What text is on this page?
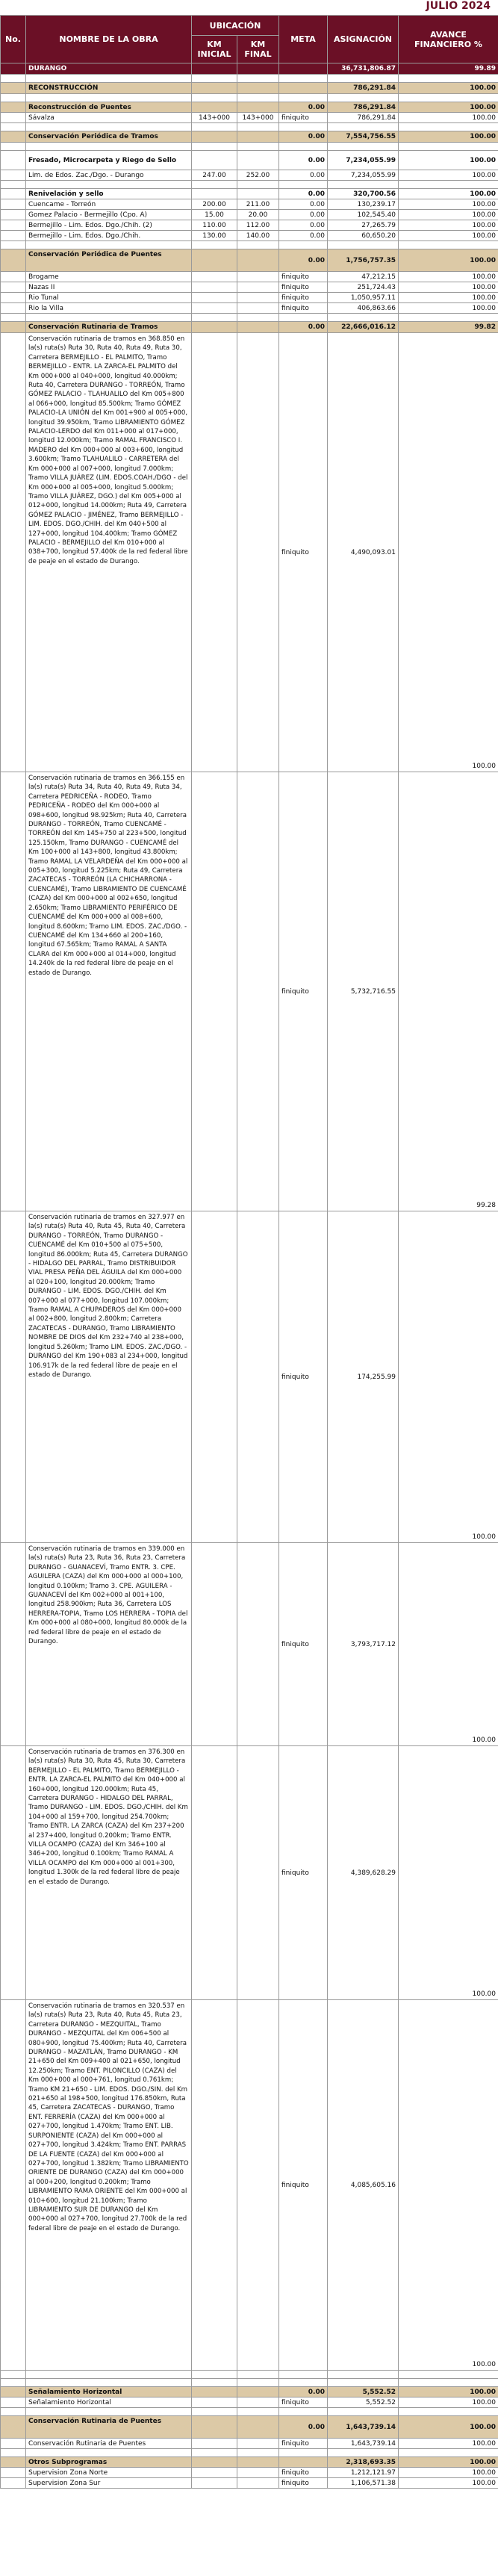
JULIO 2024
No.	NOMBRE DE LA OBRA	UBICACIÓN		META	ASIGNACIÓN	AVANCE FINANCIERO %
		KM INICIAL	KM FINAL			
	DURANGO				36,731,806.87	99.89

	RECONSTRUCCIÓN				786,291.84	100.00

	Reconstrucción de Puentes			0.00	786,291.84	100.00
	Sávalza	143+000	143+000	finiquito	786,291.84	100.00

	Conservación Periódica de Tramos			0.00	7,554,756.55	100.00

	Fresado, Microcarpeta y Riego de Sello			0.00	7,234,055.99	100.00
	Lim. de Edos. Zac./Dgo. - Durango	247.00	252.00	0.00	7,234,055.99	100.00

	Renivelación y sello			0.00	320,700.56	100.00
	Cuencame - Torreón	200.00	211.00	0.00	130,239.17	100.00
	Gomez Palacio - Bermejillo (Cpo. A)	15.00	20.00	0.00	102,545.40	100.00
	Bermejillo - Lim. Edos. Dgo./Chih. (2)	110.00	112.00	0.00	27,265.79	100.00
	Bermejillo - Lim. Edos. Dgo./Chih.	130.00	140.00	0.00	60,650.20	100.00

	Conservación Periódica de Puentes			0.00	1,756,757.35	100.00
	Brogame			finiquito	47,212.15	100.00
	Nazas II			finiquito	251,724.43	100.00
	Rio Tunal			finiquito	1,050,957.11	100.00
	Rio la Villa			finiquito	406,863.66	100.00

	Conservación Rutinaria de Tramos			0.00	22,666,016.12	99.82
	Conservación rutinaria de tramos en 368.850 en la(s) ruta(s) Ruta 30, Ruta 40, Ruta 49, Ruta 30, Carretera BERMEJILLO - EL PALMITO, Tramo BERMEJILLO - ENTR. LA ZARCA-EL PALMITO del Km 000+000 al 040+000, longitud 40.000km; Ruta 40, Carretera DURANGO - TORREÓN, Tramo GÓMEZ PALACIO - TLAHUALILO del Km 005+800 al 066+000, longitud 85.500km; Tramo GÓMEZ PALACIO-LA UNIÓN del Km 001+900 al 005+000, longitud 39.950km, Tramo LIBRAMIENTO GÓMEZ PALACIO-LERDO del Km 011+000 al 017+000, longitud 12.000km; Tramo RAMAL FRANCISCO I. MADERO del Km 000+000 al 003+600, longitud 3.600km; Tramo TLAHUALILO - CARRETERA del Km 000+000 al 007+000, longitud 7.000km; Tramo VILLA JUÁREZ (LIM. EDOS.COAH./DGO - del Km 000+000 al 005+000, longitud 5.000km; Tramo VILLA JUÁREZ, DGO.) del Km 005+000 al 012+000, longitud 14.000km; Ruta 49, Carretera GÓMEZ PALACIO - JIMÉNEZ, Tramo BERMEJILLO - LIM. EDOS. DGO./CHIH. del Km 040+500 al 127+000, longitud 104.400km; Tramo GÓMEZ PALACIO - BERMEJILLO del Km 010+000 al 038+700, longitud 57.400k de la red federal libre de peaje en el estado de Durango.			finiquito	4,490,093.01	100.00
	Conservación rutinaria de tramos en 366.155 en la(s) ruta(s) Ruta 34, Ruta 40, Ruta 49, Ruta 34, Carretera PEDRICEÑA - RODEO, Tramo PEDRICEÑA - RODEO del Km 000+000 al 098+600, longitud 98.925km; Ruta 40, Carretera DURANGO - TORREÓN, Tramo CUENCAMÉ - TORREÓN del Km 145+750 al 223+500, longitud 125.150km, Tramo DURANGO - CUENCAMÉ del Km 100+000 al 143+800, longitud 43.800km; Tramo RAMAL LA VELARDEÑA del Km 000+000 al 005+300, longitud 5.225km; Ruta 49, Carretera ZACATECAS - TORREÓN (LA CHICHARRONA - CUENCAMÉ), Tramo LIBRAMIENTO DE CUENCAMÉ (CAZA) del Km 000+000 al 002+650, longitud 2.650km; Tramo LIBRAMIENTO PERIFÉRICO DE CUENCAMÉ del Km 000+000 al 008+600, longitud 8.600km; Tramo LIM. EDOS. ZAC./DGO. - CUENCAMÉ del Km 134+660 al 200+160, longitud 67.565km; Tramo RAMAL A SANTA CLARA del Km 000+000 al 014+000, longitud 14.240k de la red federal libre de peaje en el estado de Durango.			finiquito	5,732,716.55	99.28
	Conservación rutinaria de tramos en 327.977 en la(s) ruta(s) Ruta 40, Ruta 45, Ruta 40, Carretera DURANGO - TORREÓN, Tramo DURANGO - CUENCAMÉ del Km 010+500 al 075+500, longitud 86.000km; Ruta 45, Carretera DURANGO - HIDALGO DEL PARRAL, Tramo DISTRIBUIDOR VIAL PRESA PEÑA DEL ÁGUILA del Km 000+000 al 020+100, longitud 20.000km; Tramo DURANGO - LIM. EDOS. DGO./CHIH. del Km 007+000 al 077+000, longitud 107.000km; Tramo RAMAL A CHUPADEROS del Km 000+000 al 002+800, longitud 2.800km; Carretera ZACATECAS - DURANGO, Tramo LIBRAMIENTO NOMBRE DE DIOS del Km 232+740 al 238+000, longitud 5.260km; Tramo LIM. EDOS. ZAC./DGO. - DURANGO del Km 190+083 al 234+000, longitud 106.917k de la red federal libre de peaje en el estado de Durango.			finiquito	174,255.99	100.00
	Conservación rutinaria de tramos en 339.000 en la(s) ruta(s) Ruta 23, Ruta 36, Ruta 23, Carretera DURANGO - GUANACEVÍ, Tramo ENTR. 3. CPE. AGUILERA (CAZA) del Km 000+000 al 000+100, longitud 0.100km; Tramo 3. CPE. AGUILERA - GUANACEVÍ del Km 002+000 al 001+100, longitud 258.900km; Ruta 36, Carretera LOS HERRERA-TOPIA, Tramo LOS HERRERA - TOPIA del Km 000+000 al 080+000, longitud 80.000k de la red federal libre de peaje en el estado de Durango.			finiquito	3,793,717.12	100.00
	Conservación rutinaria de tramos en 376.300 en la(s) ruta(s) Ruta 30, Ruta 45, Ruta 30, Carretera BERMEJILLO - EL PALMITO, Tramo BERMEJILLO - ENTR. LA ZARCA-EL PALMITO del Km 040+000 al 160+000, longitud 120.000km; Ruta 45, Carretera DURANGO - HIDALGO DEL PARRAL, Tramo DURANGO - LIM. EDOS. DGO./CHIH. del Km 104+000 al 159+700, longitud 254.700km; Tramo ENTR. LA ZARCA (CAZA) del Km 237+200 al 237+400, longitud 0.200km; Tramo ENTR. VILLA OCAMPO (CAZA) del Km 346+100 al 346+200, longitud 0.100km; Tramo RAMAL A VILLA OCAMPO del Km 000+000 al 001+300, longitud 1.300k de la red federal libre de peaje en el estado de Durango.			finiquito	4,389,628.29	100.00
	Conservación rutinaria de tramos en 320.537 en la(s) ruta(s) Ruta 23, Ruta 40, Ruta 45, Ruta 23, Carretera DURANGO - MEZQUITAL, Tramo DURANGO - MEZQUITAL del Km 006+500 al 080+900, longitud 75.400km; Ruta 40, Carretera DURANGO - MAZATLÁN, Tramo DURANGO - KM 21+650 del Km 009+400 al 021+650, longitud 12.250km; Tramo ENT. PILONCILLO (CAZA) del Km 000+000 al 000+761, longitud 0.761km; Tramo KM 21+650 - LIM. EDOS. DGO./SIN. del Km 021+650 al 198+500, longitud 176.850km, Ruta 45, Carretera ZACATECAS - DURANGO, Tramo ENT. FERRERÍA (CAZA) del Km 000+000 al 027+700, longitud 1.470km; Tramo ENT. LIB. SURPONIENTE (CAZA) del Km 000+000 al 027+700, longitud 3.424km; Tramo ENT. PARRAS DE LA FUENTE (CAZA) del Km 000+000 al 027+700, longitud 1.382km; Tramo LIBRAMIENTO ORIENTE DE DURANGO (CAZA) del Km 000+000 al 000+200, longitud 0.200km; Tramo LIBRAMIENTO RAMA ORIENTE del Km 000+000 al 010+600, longitud 21.100km; Tramo LIBRAMIENTO SUR DE DURANGO del Km 000+000 al 027+700, longitud 27.700k de la red federal libre de peaje en el estado de Durango.			finiquito	4,085,605.16	100.00

	Señalamiento Horizontal			0.00	5,552.52	100.00
	Señalamiento Horizontal			finiquito	5,552.52	100.00

	Conservación Rutinaria de Puentes			0.00	1,643,739.14	100.00
	Conservación Rutinaria de Puentes			finiquito	1,643,739.14	100.00

	Otros Subprogramas				2,318,693.35	100.00
	Supervision Zona Norte			finiquito	1,212,121.97	100.00
	Supervision Zona Sur			finiquito	1,106,571.38	100.00
